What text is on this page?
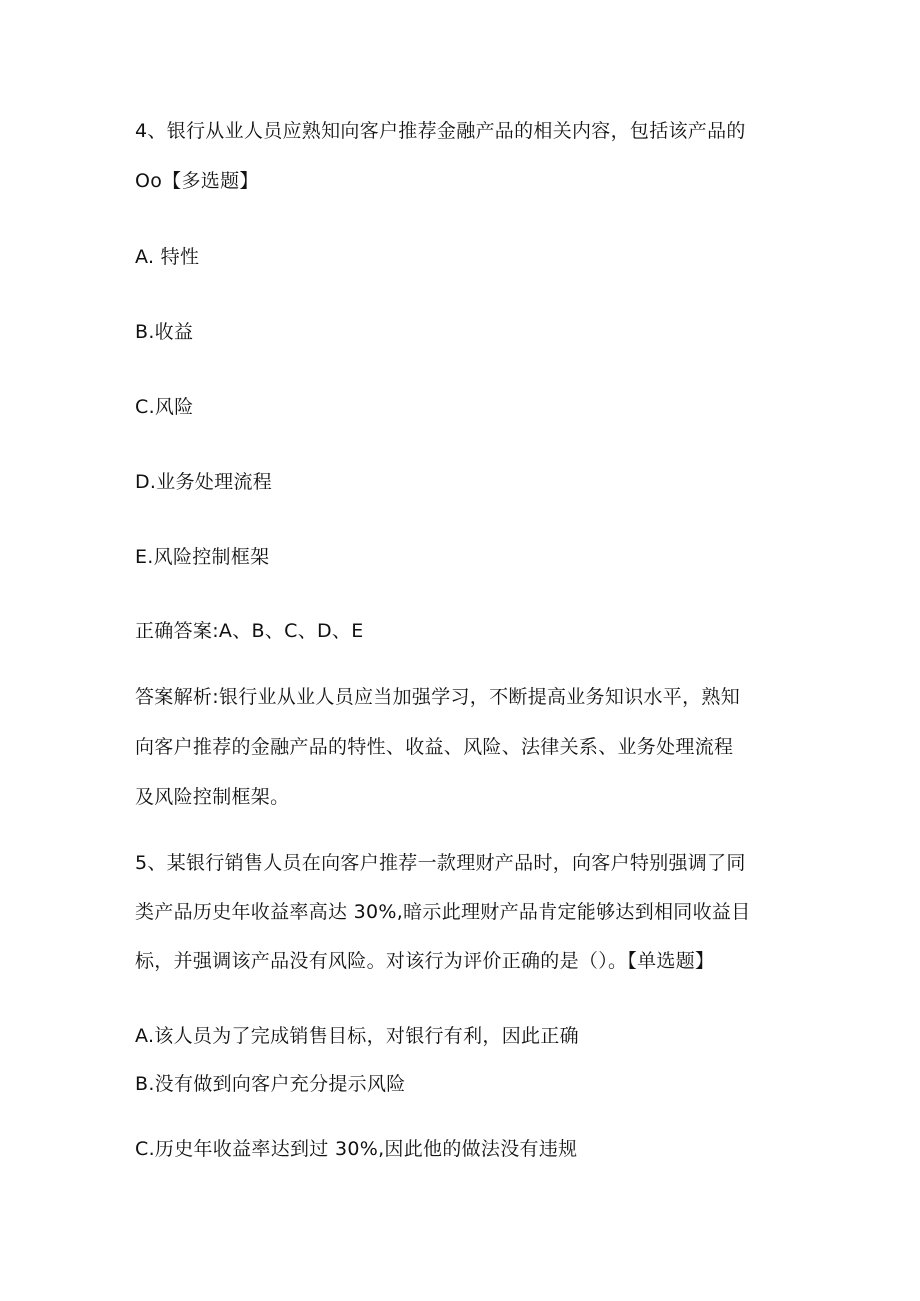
4、银行从业人员应熟知向客户推荐金融产品的相关内容，包括该产品的
Oo【多选题】
A. 特性
B.收益
C.风险
D.业务处理流程
E.风险控制框架
正确答案:A、B、C、D、E
答案解析:银行业从业人员应当加强学习，不断提高业务知识水平，熟知
向客户推荐的金融产品的特性、收益、风险、法律关系、业务处理流程
及风险控制框架。
5、某银行销售人员在向客户推荐一款理财产品时，向客户特别强调了同
类产品历史年收益率高达 30%,暗示此理财产品肯定能够达到相同收益目
标，并强调该产品没有风险。对该行为评价正确的是（）。【单选题】
A.该人员为了完成销售目标，对银行有利，因此正确
B.没有做到向客户充分提示风险
C.历史年收益率达到过 30%,因此他的做法没有违规
